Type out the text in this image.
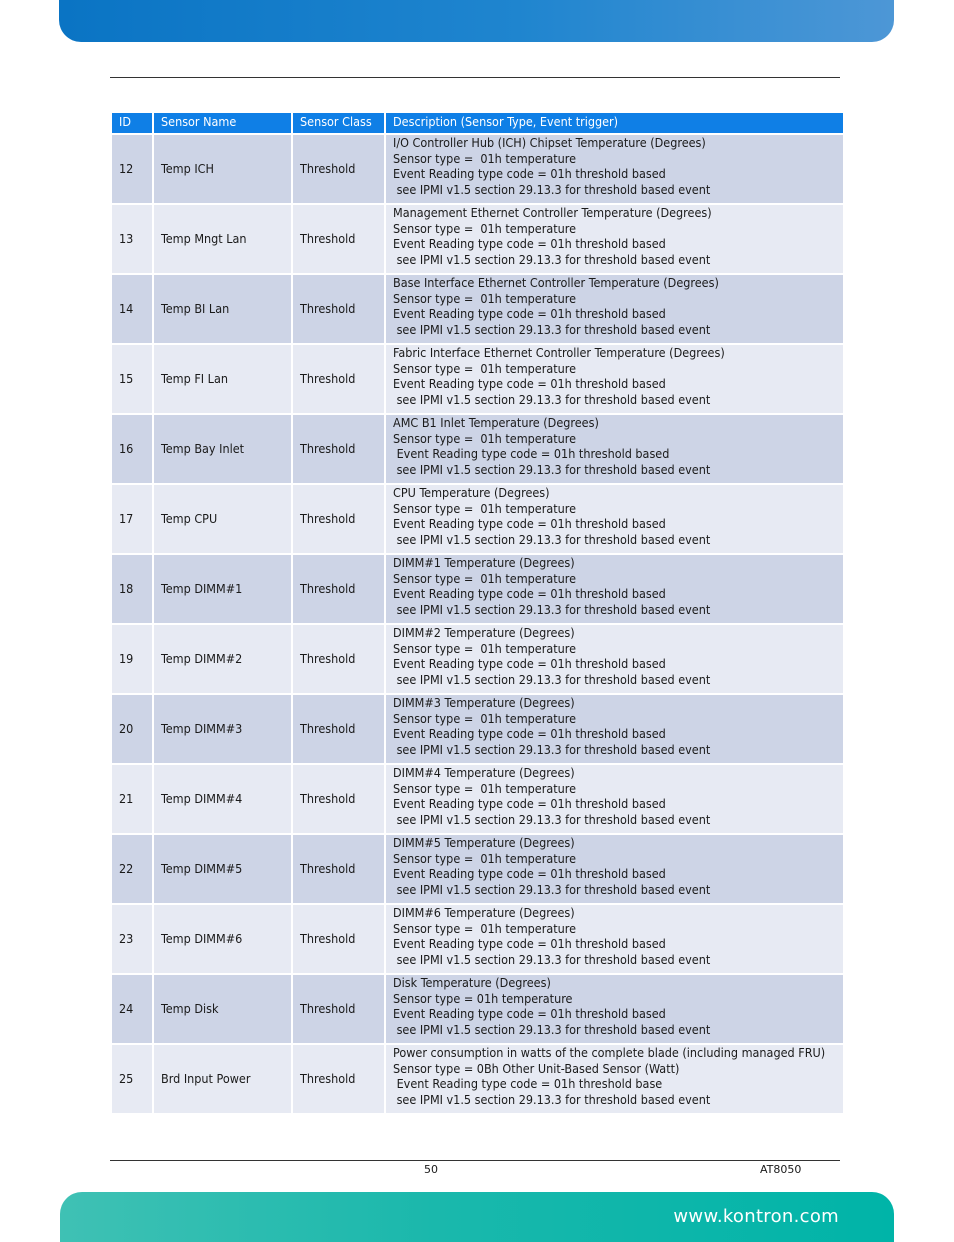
ID	Sensor Name	Sensor Class	Description (Sensor Type, Event trigger)
12	Temp ICH	Threshold	I/O Controller Hub (ICH) Chipset Temperature (Degrees)
Sensor type =  01h temperature
Event Reading type code = 01h threshold based
see IPMI v1.5 section 29.13.3 for threshold based event

13	Temp Mngt Lan	Threshold	Management Ethernet Controller Temperature (Degrees)
Sensor type =  01h temperature
Event Reading type code = 01h threshold based
see IPMI v1.5 section 29.13.3 for threshold based event

14	Temp BI Lan	Threshold	Base Interface Ethernet Controller Temperature (Degrees)
Sensor type =  01h temperature
Event Reading type code = 01h threshold based
see IPMI v1.5 section 29.13.3 for threshold based event

15	Temp FI Lan	Threshold	Fabric Interface Ethernet Controller Temperature (Degrees)
Sensor type =  01h temperature
Event Reading type code = 01h threshold based
see IPMI v1.5 section 29.13.3 for threshold based event

16	Temp Bay Inlet	Threshold	AMC B1 Inlet Temperature (Degrees)
Sensor type =  01h temperature
Event Reading type code = 01h threshold based
see IPMI v1.5 section 29.13.3 for threshold based event

17	Temp CPU	Threshold	CPU Temperature (Degrees)
Sensor type =  01h temperature
Event Reading type code = 01h threshold based
see IPMI v1.5 section 29.13.3 for threshold based event

18	Temp DIMM#1	Threshold	DIMM#1 Temperature (Degrees)
Sensor type =  01h temperature
Event Reading type code = 01h threshold based
see IPMI v1.5 section 29.13.3 for threshold based event

19	Temp DIMM#2	Threshold	DIMM#2 Temperature (Degrees)
Sensor type =  01h temperature
Event Reading type code = 01h threshold based
see IPMI v1.5 section 29.13.3 for threshold based event

20	Temp DIMM#3	Threshold	DIMM#3 Temperature (Degrees)
Sensor type =  01h temperature
Event Reading type code = 01h threshold based
see IPMI v1.5 section 29.13.3 for threshold based event

21	Temp DIMM#4	Threshold	DIMM#4 Temperature (Degrees)
Sensor type =  01h temperature
Event Reading type code = 01h threshold based
see IPMI v1.5 section 29.13.3 for threshold based event

22	Temp DIMM#5	Threshold	DIMM#5 Temperature (Degrees)
Sensor type =  01h temperature
Event Reading type code = 01h threshold based
see IPMI v1.5 section 29.13.3 for threshold based event

23	Temp DIMM#6	Threshold	DIMM#6 Temperature (Degrees)
Sensor type =  01h temperature
Event Reading type code = 01h threshold based
see IPMI v1.5 section 29.13.3 for threshold based event

24	Temp Disk	Threshold	Disk Temperature (Degrees)
Sensor type = 01h temperature
Event Reading type code = 01h threshold based
see IPMI v1.5 section 29.13.3 for threshold based event

25	Brd Input Power	Threshold	Power consumption in watts of the complete blade (including managed FRU)
Sensor type = 0Bh Other Unit-Based Sensor (Watt)
Event Reading type code = 01h threshold base
see IPMI v1.5 section 29.13.3 for threshold based event
50	AT8050
www.kontron.com
